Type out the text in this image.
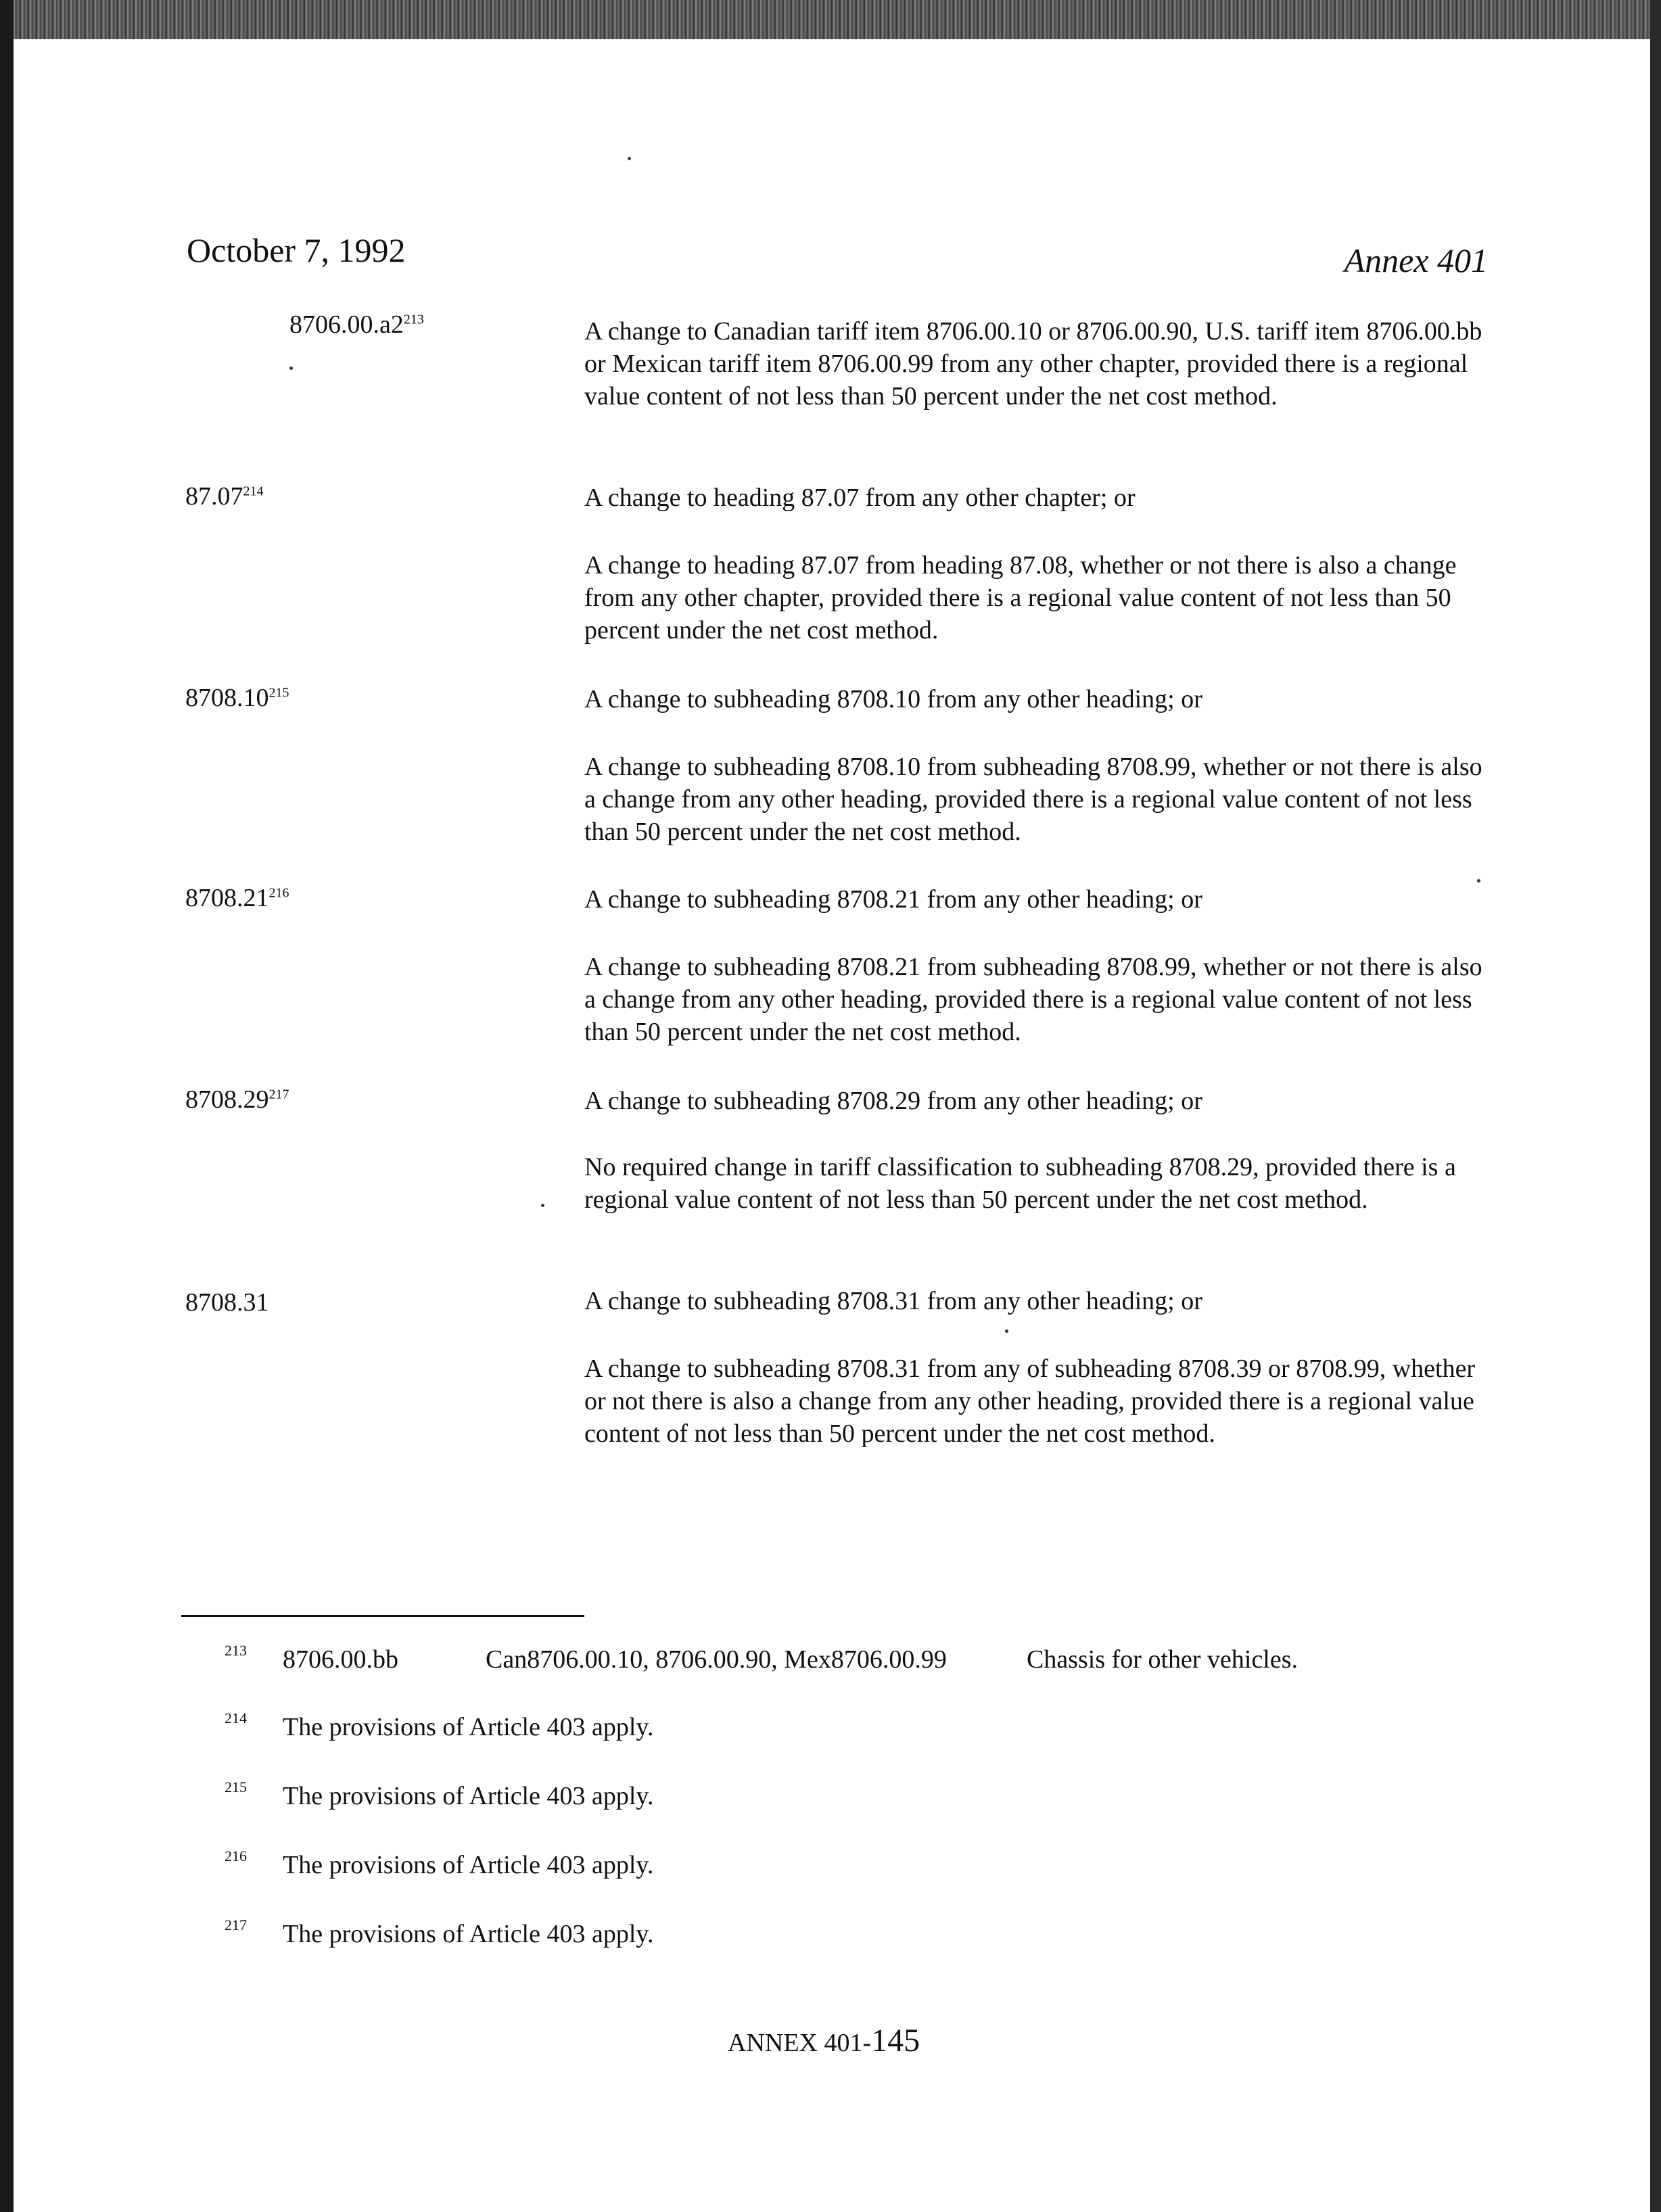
October 7, 1992	Annex 401
$8706.00.a2^{213}$	A change to Canadian tariff item 8706.00.10 or 8706.00.90, U.S. tariff item 8706.00.bb or Mexican tariff item 8706.00.99 from any other chapter, provided there is a regional value content of not less than 50 percent under the net cost method.
87.07$^{214}$	A change to heading 87.07 from any other chapter; or
A change to heading 87.07 from heading 87.08, whether or not there is also a change from any other chapter, provided there is a regional value content of not less than 50 percent under the net cost method.
8708.10$^{215}$	A change to subheading 8708.10 from any other heading; or
A change to subheading 8708.10 from subheading 8708.99, whether or not there is also a change from any other heading, provided there is a regional value content of not less than 50 percent under the net cost method.
8708.21$^{216}$	A change to subheading 8708.21 from any other heading; or
A change to subheading 8708.21 from subheading 8708.99, whether or not there is also a change from any other heading, provided there is a regional value content of not less than 50 percent under the net cost method.
8708.29$^{217}$	A change to subheading 8708.29 from any other heading; or
No required change in tariff classification to subheading 8708.29, provided there is a regional value content of not less than 50 percent under the net cost method.
8708.31	A change to subheading 8708.31 from any other heading; or
A change to subheading 8708.31 from any of subheading 8708.39 or 8708.99, whether or not there is also a change from any other heading, provided there is a regional value content of not less than 50 percent under the net cost method.
213 8706.00.bb	Can8706.00.10, 8706.00.90, Mex8706.00.99	Chassis for other vehicles.
214 The provisions of Article 403 apply.
215 The provisions of Article 403 apply.
216 The provisions of Article 403 apply.
217 The provisions of Article 403 apply.
ANNEX 401-145
